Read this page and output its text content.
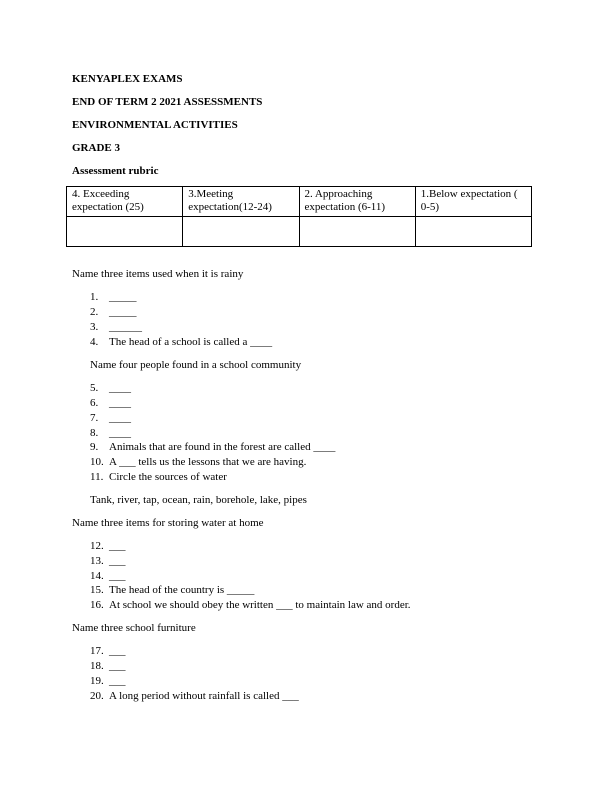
KENYAPLEX EXAMS
END OF TERM 2 2021 ASSESSMENTS
ENVIRONMENTAL ACTIVITIES
GRADE 3
Assessment rubric
4. Exceeding expectation (25)	3.Meeting expectation(12-24)	2. Approaching expectation (6-11)	1.Below expectation ( 0-5)

Name three items used when it is rainy
1. _____
2. _____
3. ______
4. The head of a school is called a ____
Name four people found in a school community
5. ____
6. ____
7. ____
8. ____
9. Animals that are found in the forest are called ____
10. A ___ tells us the lessons that we are having.
11. Circle the sources of water
Tank, river, tap, ocean, rain, borehole, lake, pipes
Name three items for storing water at home
12. ___
13. ___
14. ___
15. The head of the country is _____
16. At school we should obey the written ___ to maintain law and order.
Name three school furniture
17. ___
18. ___
19. ___
20. A long period without rainfall is called ___
